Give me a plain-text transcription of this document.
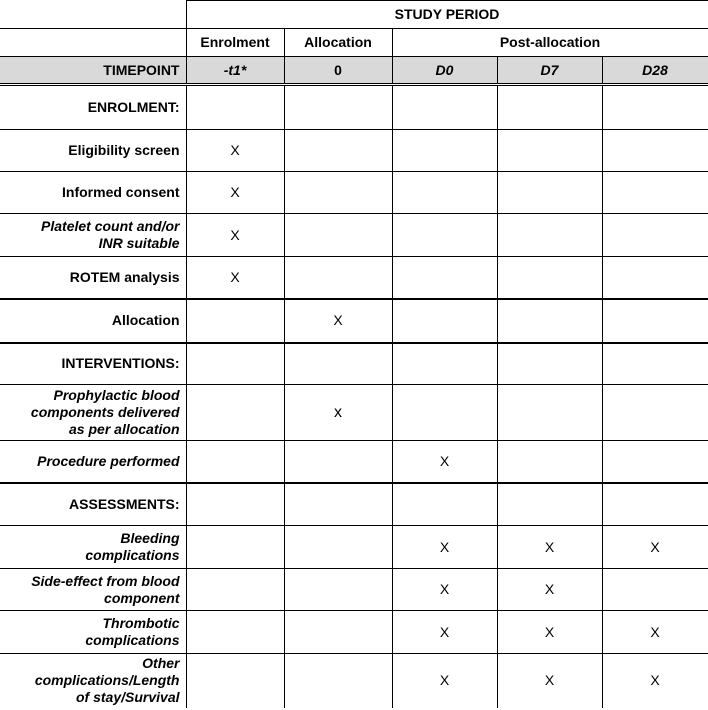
	STUDY PERIOD				
	Enrolment	Allocation	Post-allocation		
TIMEPOINT	-t1*	0	D0	D7	D28
ENROLMENT:					
Eligibility screen	X				
Informed consent	X				
Platelet count and/or
INR suitable	X				
ROTEM analysis	X				
Allocation		X			
INTERVENTIONS:					
Prophylactic blood
components delivered
as per allocation		x			
Procedure performed			X		
ASSESSMENTS:					
Bleeding
complications			X	X	X
Side-effect from blood
component			X	X	
Thrombotic
complications			X	X	X
Other
complications/Length
of stay/Survival			X	X	X
